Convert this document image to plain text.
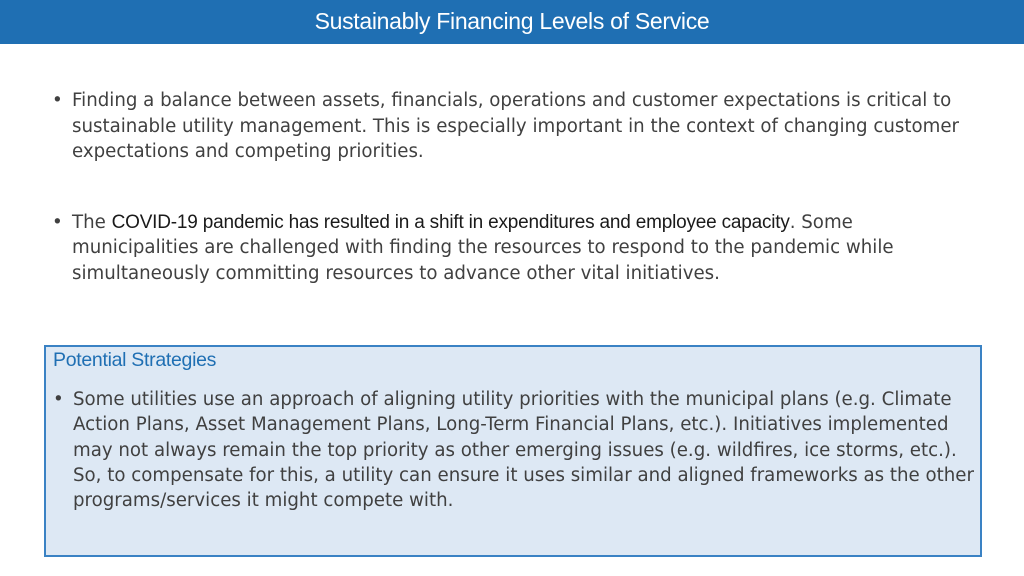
Sustainably Financing Levels of Service
• Finding a balance between assets, financials, operations and customer expectations is critical to sustainable utility management. This is especially important in the context of changing customer expectations and competing priorities.
• The COVID-19 pandemic has resulted in a shift in expenditures and employee capacity. Some municipalities are challenged with finding the resources to respond to the pandemic while simultaneously committing resources to advance other vital initiatives.
Potential Strategies
• Some utilities use an approach of aligning utility priorities with the municipal plans (e.g. Climate Action Plans, Asset Management Plans, Long-Term Financial Plans, etc.). Initiatives implemented may not always remain the top priority as other emerging issues (e.g. wildfires, ice storms, etc.). So, to compensate for this, a utility can ensure it uses similar and aligned frameworks as the other programs/services it might compete with.
